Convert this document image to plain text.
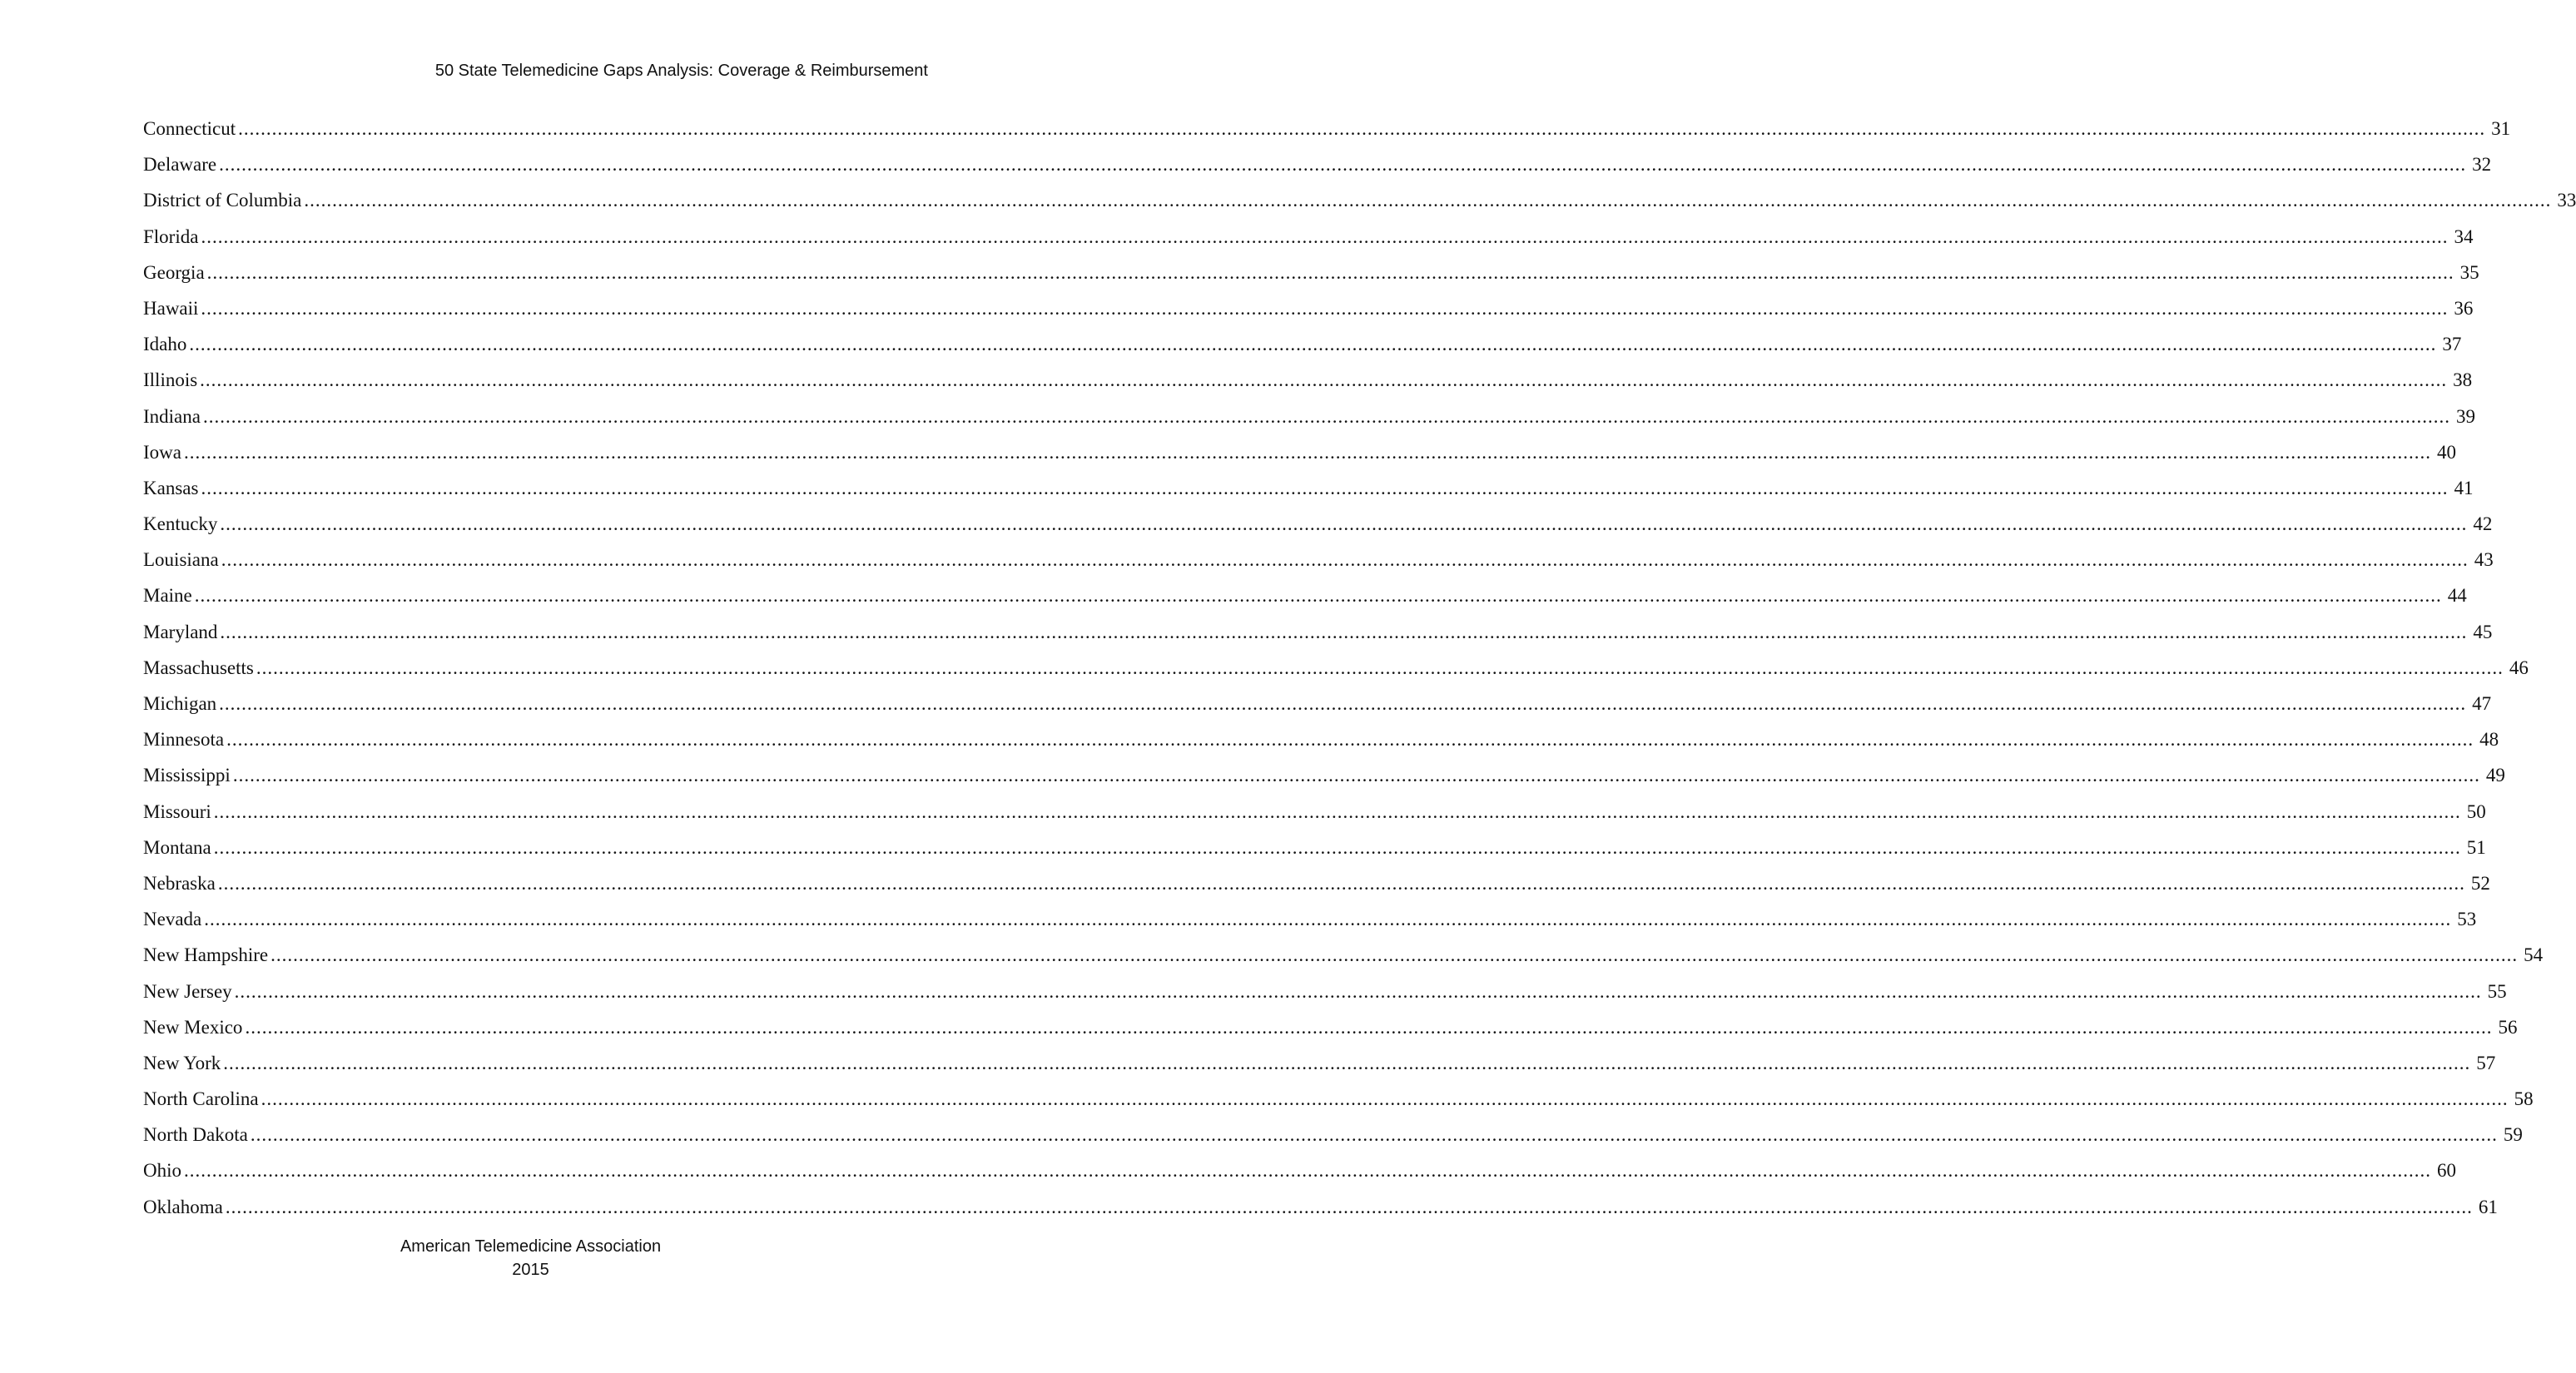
50 State Telemedicine Gaps Analysis: Coverage & Reimbursement
Connecticut ................................................................................................................................................................................................................................................................................................................................................................................................................ 31
Delaware ................................................................................................................................................................................................................................................................................................................................................................................................................ 32
District of Columbia ................................................................................................................................................................................................................................................................................................................................................................................................................ 33
Florida ................................................................................................................................................................................................................................................................................................................................................................................................................ 34
Georgia ................................................................................................................................................................................................................................................................................................................................................................................................................ 35
Hawaii ................................................................................................................................................................................................................................................................................................................................................................................................................ 36
Idaho ................................................................................................................................................................................................................................................................................................................................................................................................................ 37
Illinois ................................................................................................................................................................................................................................................................................................................................................................................................................ 38
Indiana ................................................................................................................................................................................................................................................................................................................................................................................................................ 39
Iowa ................................................................................................................................................................................................................................................................................................................................................................................................................ 40
Kansas ................................................................................................................................................................................................................................................................................................................................................................................................................ 41
Kentucky ................................................................................................................................................................................................................................................................................................................................................................................................................ 42
Louisiana ................................................................................................................................................................................................................................................................................................................................................................................................................ 43
Maine ................................................................................................................................................................................................................................................................................................................................................................................................................ 44
Maryland ................................................................................................................................................................................................................................................................................................................................................................................................................ 45
Massachusetts ................................................................................................................................................................................................................................................................................................................................................................................................................ 46
Michigan ................................................................................................................................................................................................................................................................................................................................................................................................................ 47
Minnesota ................................................................................................................................................................................................................................................................................................................................................................................................................ 48
Mississippi ................................................................................................................................................................................................................................................................................................................................................................................................................ 49
Missouri ................................................................................................................................................................................................................................................................................................................................................................................................................ 50
Montana ................................................................................................................................................................................................................................................................................................................................................................................................................ 51
Nebraska ................................................................................................................................................................................................................................................................................................................................................................................................................ 52
Nevada ................................................................................................................................................................................................................................................................................................................................................................................................................ 53
New Hampshire ................................................................................................................................................................................................................................................................................................................................................................................................................ 54
New Jersey ................................................................................................................................................................................................................................................................................................................................................................................................................ 55
New Mexico ................................................................................................................................................................................................................................................................................................................................................................................................................ 56
New York ................................................................................................................................................................................................................................................................................................................................................................................................................ 57
North Carolina ................................................................................................................................................................................................................................................................................................................................................................................................................ 58
North Dakota ................................................................................................................................................................................................................................................................................................................................................................................................................ 59
Ohio ................................................................................................................................................................................................................................................................................................................................................................................................................ 60
Oklahoma ................................................................................................................................................................................................................................................................................................................................................................................................................ 61
American Telemedicine Association
2015
